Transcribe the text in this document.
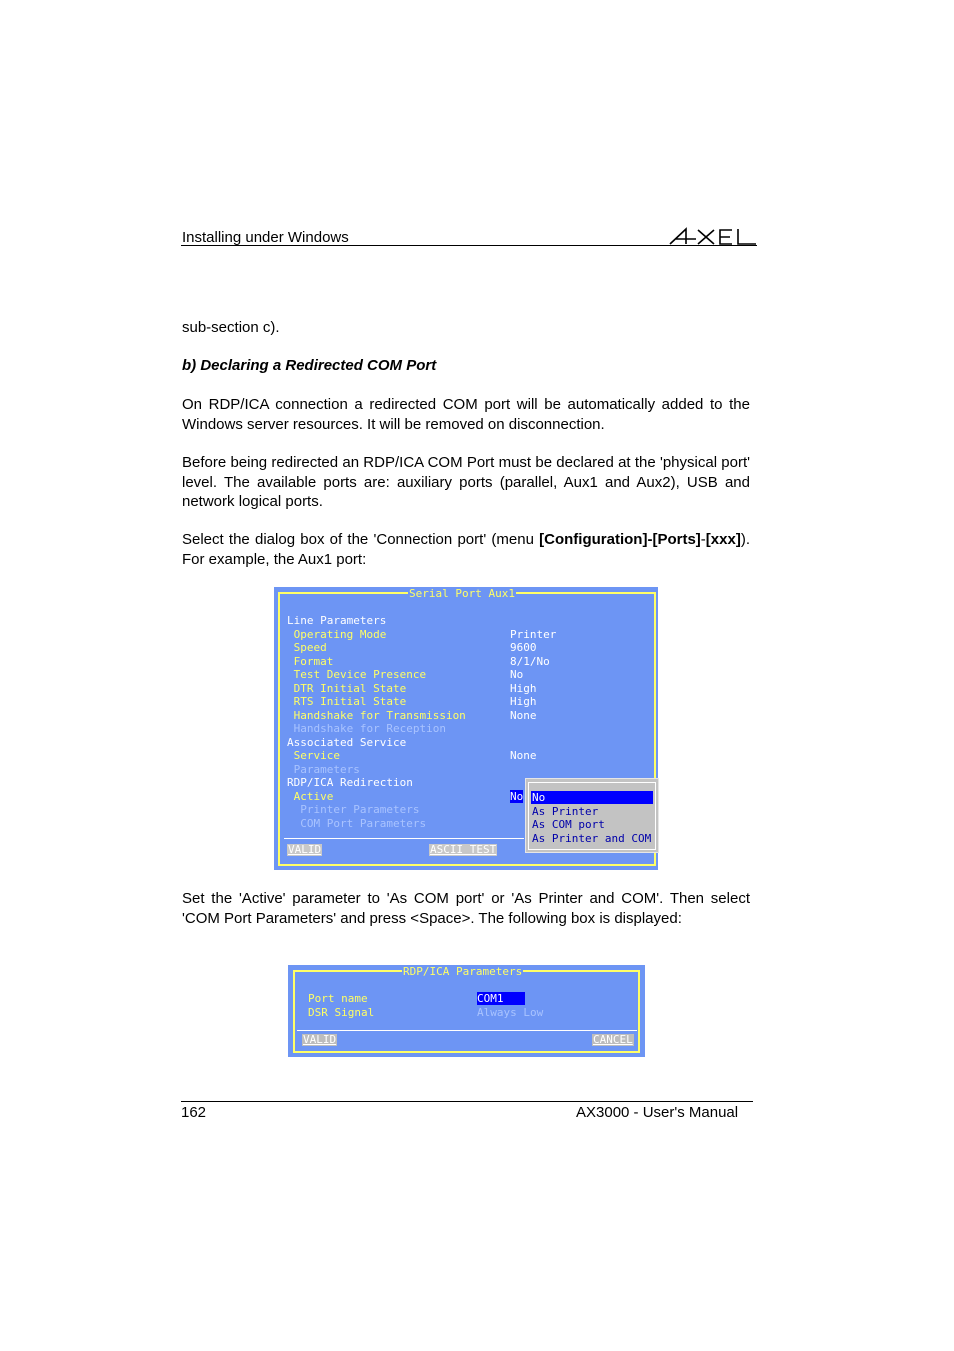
Installing under Windows
sub-section c).
b) Declaring a Redirected COM Port
On RDP/ICA connection a redirected COM port will be automatically added to the Windows server resources. It will be removed on disconnection.
Before being redirected an RDP/ICA COM Port must be declared at the 'physical port' level. The available ports are: auxiliary ports (parallel, Aux1 and Aux2), USB and network logical ports.
Select the dialog box of the 'Connection port' (menu [Configuration]-[Ports]-[xxx]). For example, the Aux1 port:
Serial Port Aux1
Line Parameters
Operating Mode	Printer
Speed	9600
Format	8/1/No
Test Device Presence	No
DTR Initial State	High
RTS Initial State	High
Handshake for Transmission	None
Handshake for Reception
Associated Service
Service	None
Parameters
RDP/ICA Redirection
Active	No
Printer Parameters
COM Port Parameters
VALID	ASCII TEST
No
As Printer
As COM port
As Printer and COM
Set the 'Active' parameter to 'As COM port' or 'As Printer and COM'. Then select 'COM Port Parameters' and press <Space>. The following box is displayed:
RDP/ICA Parameters
Port name	COM1
DSR Signal	Always Low
VALID	CANCEL
162	AX3000 - User's Manual
